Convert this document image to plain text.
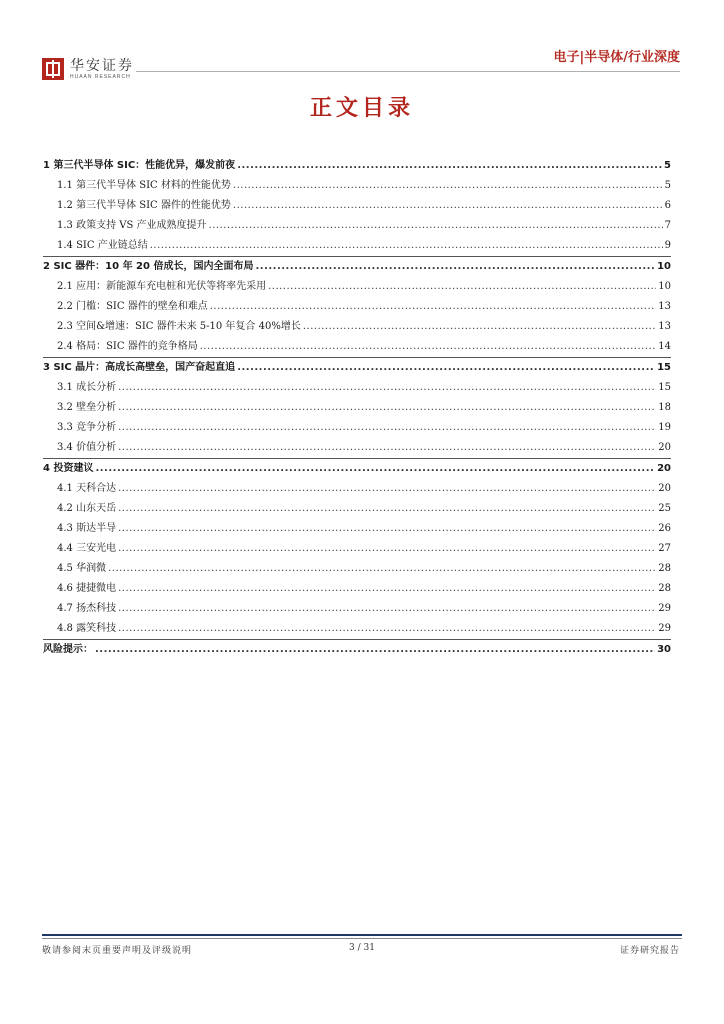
华安证券
HUAAN RESEARCH
电子|半导体/行业深度
正文目录
1 第三代半导体 SIC：性能优异，爆发前夜 .....	5
1.1 第三代半导体 SIC 材料的性能优势 .....	5
1.2 第三代半导体 SIC 器件的性能优势 .....	6
1.3 政策支持 VS 产业成熟度提升 .....	7
1.4 SIC 产业链总结 .....	9
2 SIC 器件：10 年 20 倍成长，国内全面布局 .....	10
2.1 应用：新能源车充电桩和光伏等将率先采用 .....	10
2.2 门槛：SIC 器件的壁垒和难点 .....	13
2.3 空间&增速：SIC 器件未来 5-10 年复合 40%增长 .....	13
2.4 格局：SIC 器件的竞争格局 .....	14
3 SIC 晶片：高成长高壁垒，国产奋起直追 .....	15
3.1 成长分析 .....	15
3.2 壁垒分析 .....	18
3.3 竞争分析 .....	19
3.4 价值分析 .....	20
4 投资建议 .....	20
4.1 天科合达 .....	20
4.2 山东天岳 .....	25
4.3 斯达半导 .....	26
4.4 三安光电 .....	27
4.5 华润微 .....	28
4.6 捷捷微电 .....	28
4.7 扬杰科技 .....	29
4.8 露笑科技 .....	29
风险提示： .....	30
敬请参阅末页重要声明及评级说明	3 / 31	证券研究报告
